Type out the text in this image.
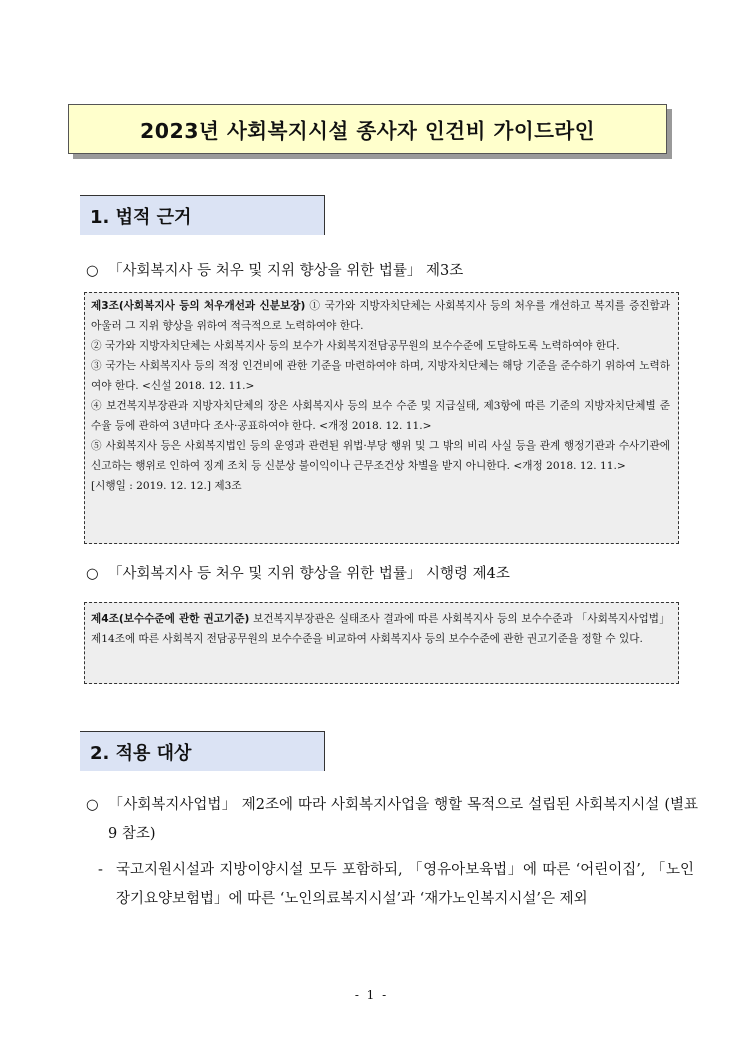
2023년 사회복지시설 종사자 인건비 가이드라인
1. 법적 근거
○ 「사회복지사 등 처우 및 지위 향상을 위한 법률」 제3조

제3조(사회복지사 등의 처우개선과 신분보장) ① 국가와 지방자치단체는 사회복지사 등의 처우를 개선하고 복지를 증진함과 아울러 그 지위 향상을 위하여 적극적으로 노력하여야 한다.

② 국가와 지방자치단체는 사회복지사 등의 보수가 사회복지전담공무원의 보수수준에 도달하도록 노력하여야 한다.

③ 국가는 사회복지사 등의 적정 인건비에 관한 기준을 마련하여야 하며, 지방자치단체는 해당 기준을 준수하기 위하여 노력하여야 한다. <신설 2018. 12. 11.>

④ 보건복지부장관과 지방자치단체의 장은 사회복지사 등의 보수 수준 및 지급실태, 제3항에 따른 기준의 지방자치단체별 준수율 등에 관하여 3년마다 조사·공표하여야 한다. <개정 2018. 12. 11.>

⑤ 사회복지사 등은 사회복지법인 등의 운영과 관련된 위법·부당 행위 및 그 밖의 비리 사실 등을 관계 행정기관과 수사기관에 신고하는 행위로 인하여 징계 조치 등 신분상 불이익이나 근무조건상 차별을 받지 아니한다. <개정 2018. 12. 11.>

[시행일 : 2019. 12. 12.] 제3조

○ 「사회복지사 등 처우 및 지위 향상을 위한 법률」 시행령 제4조

제4조(보수수준에 관한 권고기준) 보건복지부장관은 실태조사 결과에 따른 사회복지사 등의 보수수준과 「사회복지사업법」 제14조에 따른 사회복지 전담공무원의 보수수준을 비교하여 사회복지사 등의 보수수준에 관한 권고기준을 정할 수 있다.

2. 적용 대상
○ 「사회복지사업법」 제2조에 따라 사회복지사업을 행할 목적으로 설립된 사회복지시설 (별표9 참조)
- 국고지원시설과 지방이양시설 모두 포함하되, 「영유아보육법」에 따른 ‘어린이집’, 「노인장기요양보험법」에 따른 ‘노인의료복지시설’과 ‘재가노인복지시설’은 제외
- 1 -
